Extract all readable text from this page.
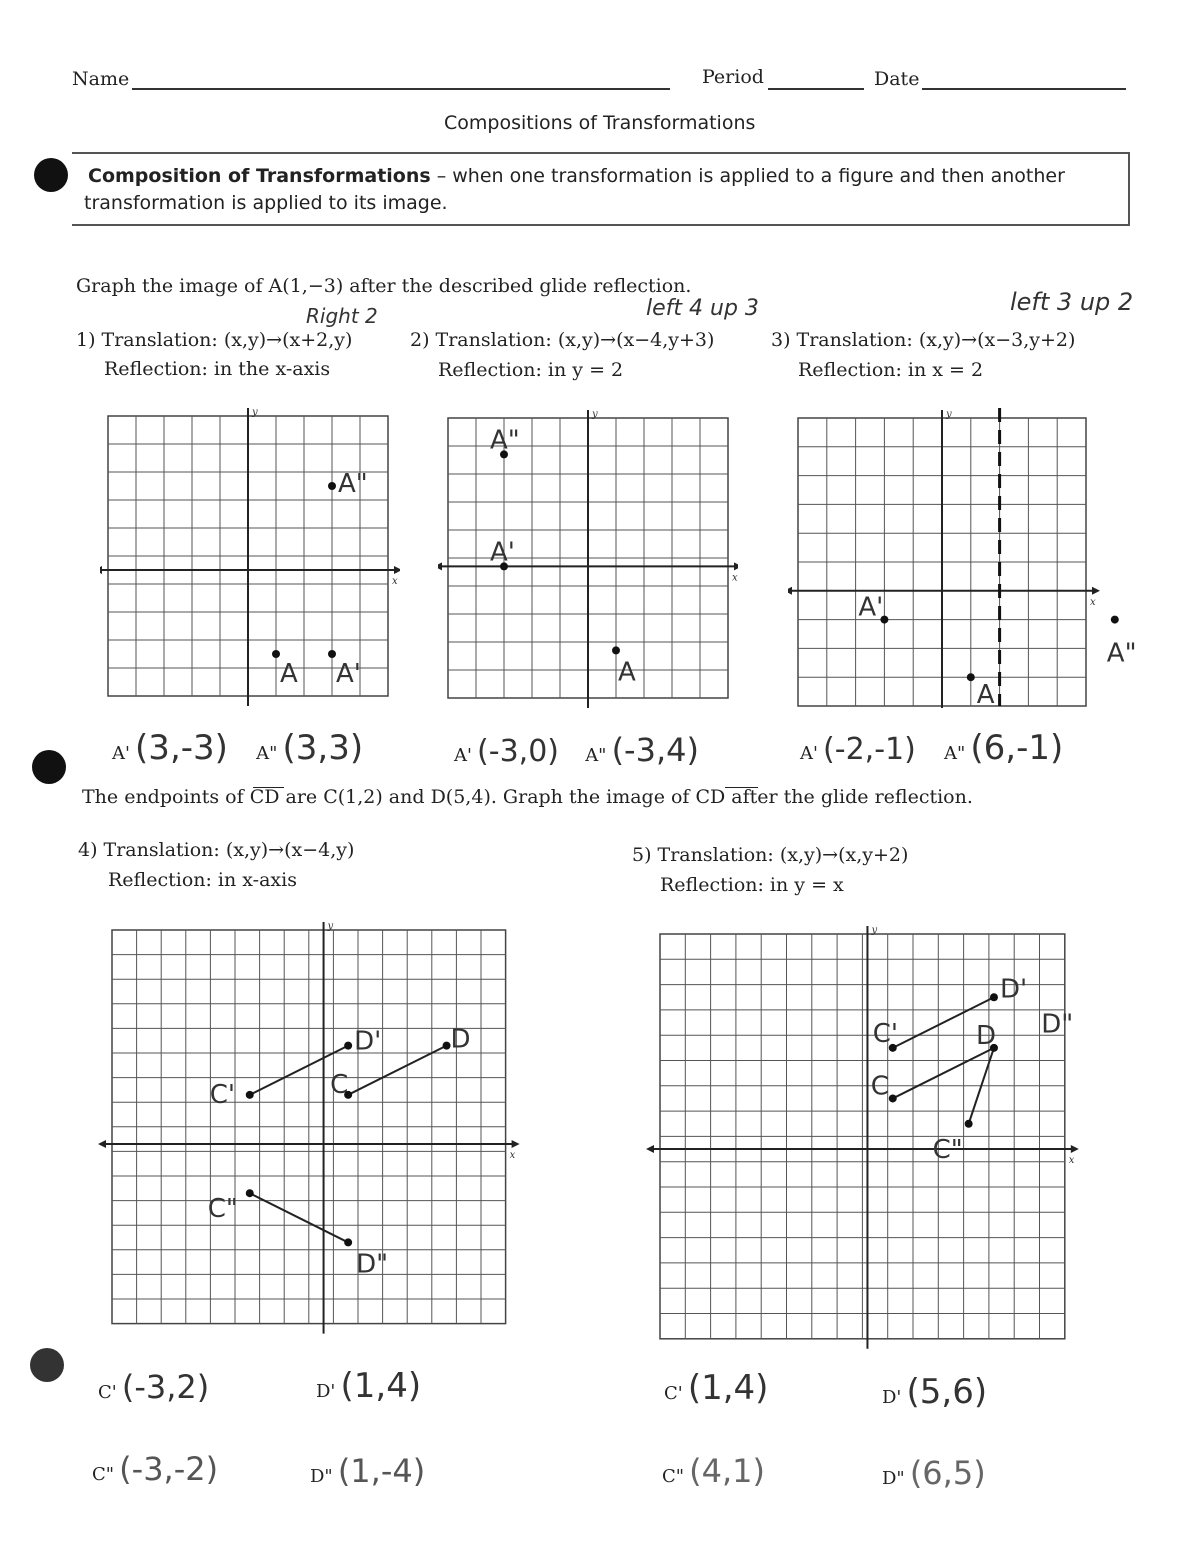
Name	Period	Date
Compositions of Transformations
Composition of Transformations – when one transformation is applied to a figure and then another
transformation is applied to its image.
Graph the image of A(1,−3) after the described glide reflection.
Right 2	left 4 up 3	left 3 up 2
1) Translation: (x,y)→(x+2,y)
Reflection: in the x-axis
2) Translation: (x,y)→(x−4,y+3)
Reflection: in y = 2
3) Translation: (x,y)→(x−3,y+2)
Reflection: in x = 2
x
y
A A'
A"
x
y
A
A'
A"
x
y
A
A'
A"
A' (3,-3) A" (3,3)	A' (-3,0) A" (-3,4)	A' (-2,-1) A" (6,-1)
The endpoints of CD are C(1,2) and D(5,4). Graph the image of CD after the glide reflection.
4) Translation: (x,y)→(x−4,y)
Reflection: in x-axis
5) Translation: (x,y)→(x,y+2)
Reflection: in y = x
x
y
C
D
C'
D'
C"
D"
x
y
C
D
C'
D'
C"
D"
C' (-3,2)	D' (1,4)
C" (-3,-2)	D" (1,-4)
C' (1,4)	D' (5,6)
C" (4,1)	D" (6,5)
